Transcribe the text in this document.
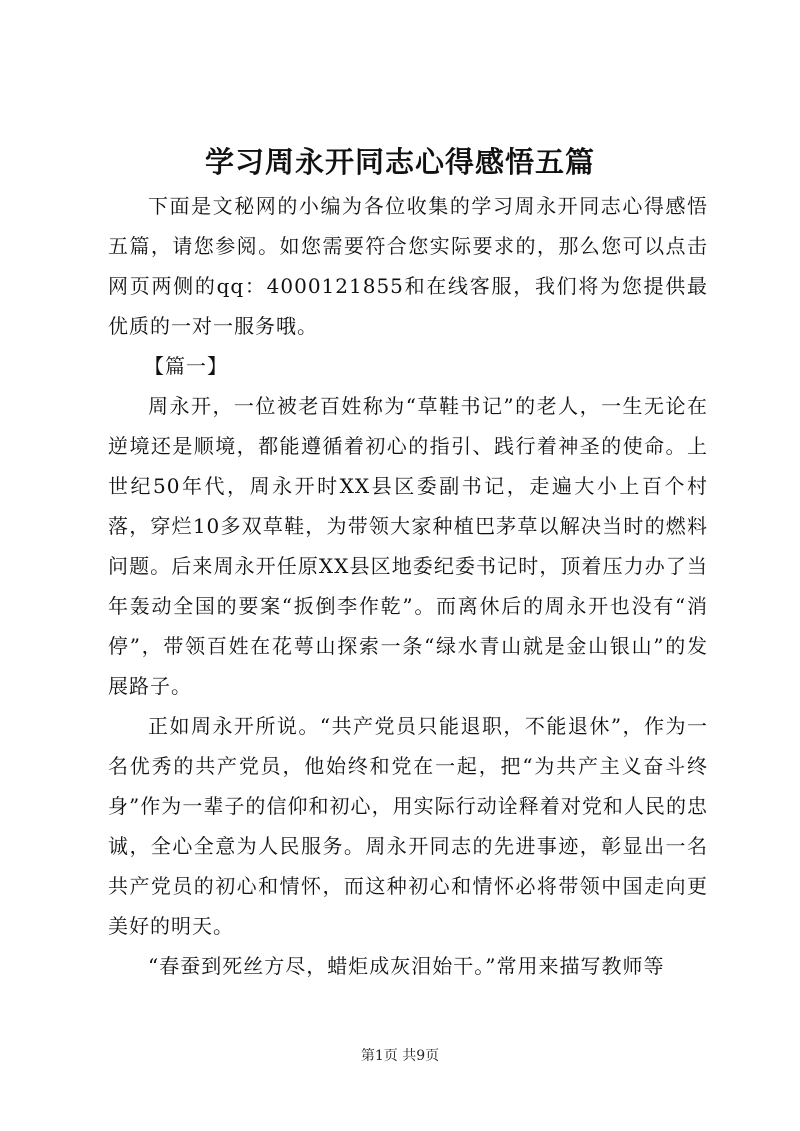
学习周永开同志心得感悟五篇

下面是文秘网的小编为各位收集的学习周永开同志心得感悟五篇，请您参阅。如您需要符合您实际要求的，那么您可以点击网页两侧的qq：4000121855和在线客服，我们将为您提供最优质的一对一服务哦。

【篇一】

周永开，一位被老百姓称为“草鞋书记”的老人，一生无论在逆境还是顺境，都能遵循着初心的指引、践行着神圣的使命。上世纪50年代，周永开时XX县区委副书记，走遍大小上百个村落，穿烂10多双草鞋，为带领大家种植巴茅草以解决当时的燃料问题。后来周永开任原XX县区地委纪委书记时，顶着压力办了当年轰动全国的要案“扳倒李作乾”。而离休后的周永开也没有“消停”，带领百姓在花萼山探索一条“绿水青山就是金山银山”的发展路子。

正如周永开所说。“共产党员只能退职，不能退休”，作为一名优秀的共产党员，他始终和党在一起，把“为共产主义奋斗终身”作为一辈子的信仰和初心，用实际行动诠释着对党和人民的忠诚，全心全意为人民服务。周永开同志的先进事迹，彰显出一名共产党员的初心和情怀，而这种初心和情怀必将带领中国走向更美好的明天。

“春蚕到死丝方尽，蜡炬成灰泪始干。”常用来描写教师等

第1页 共9页
